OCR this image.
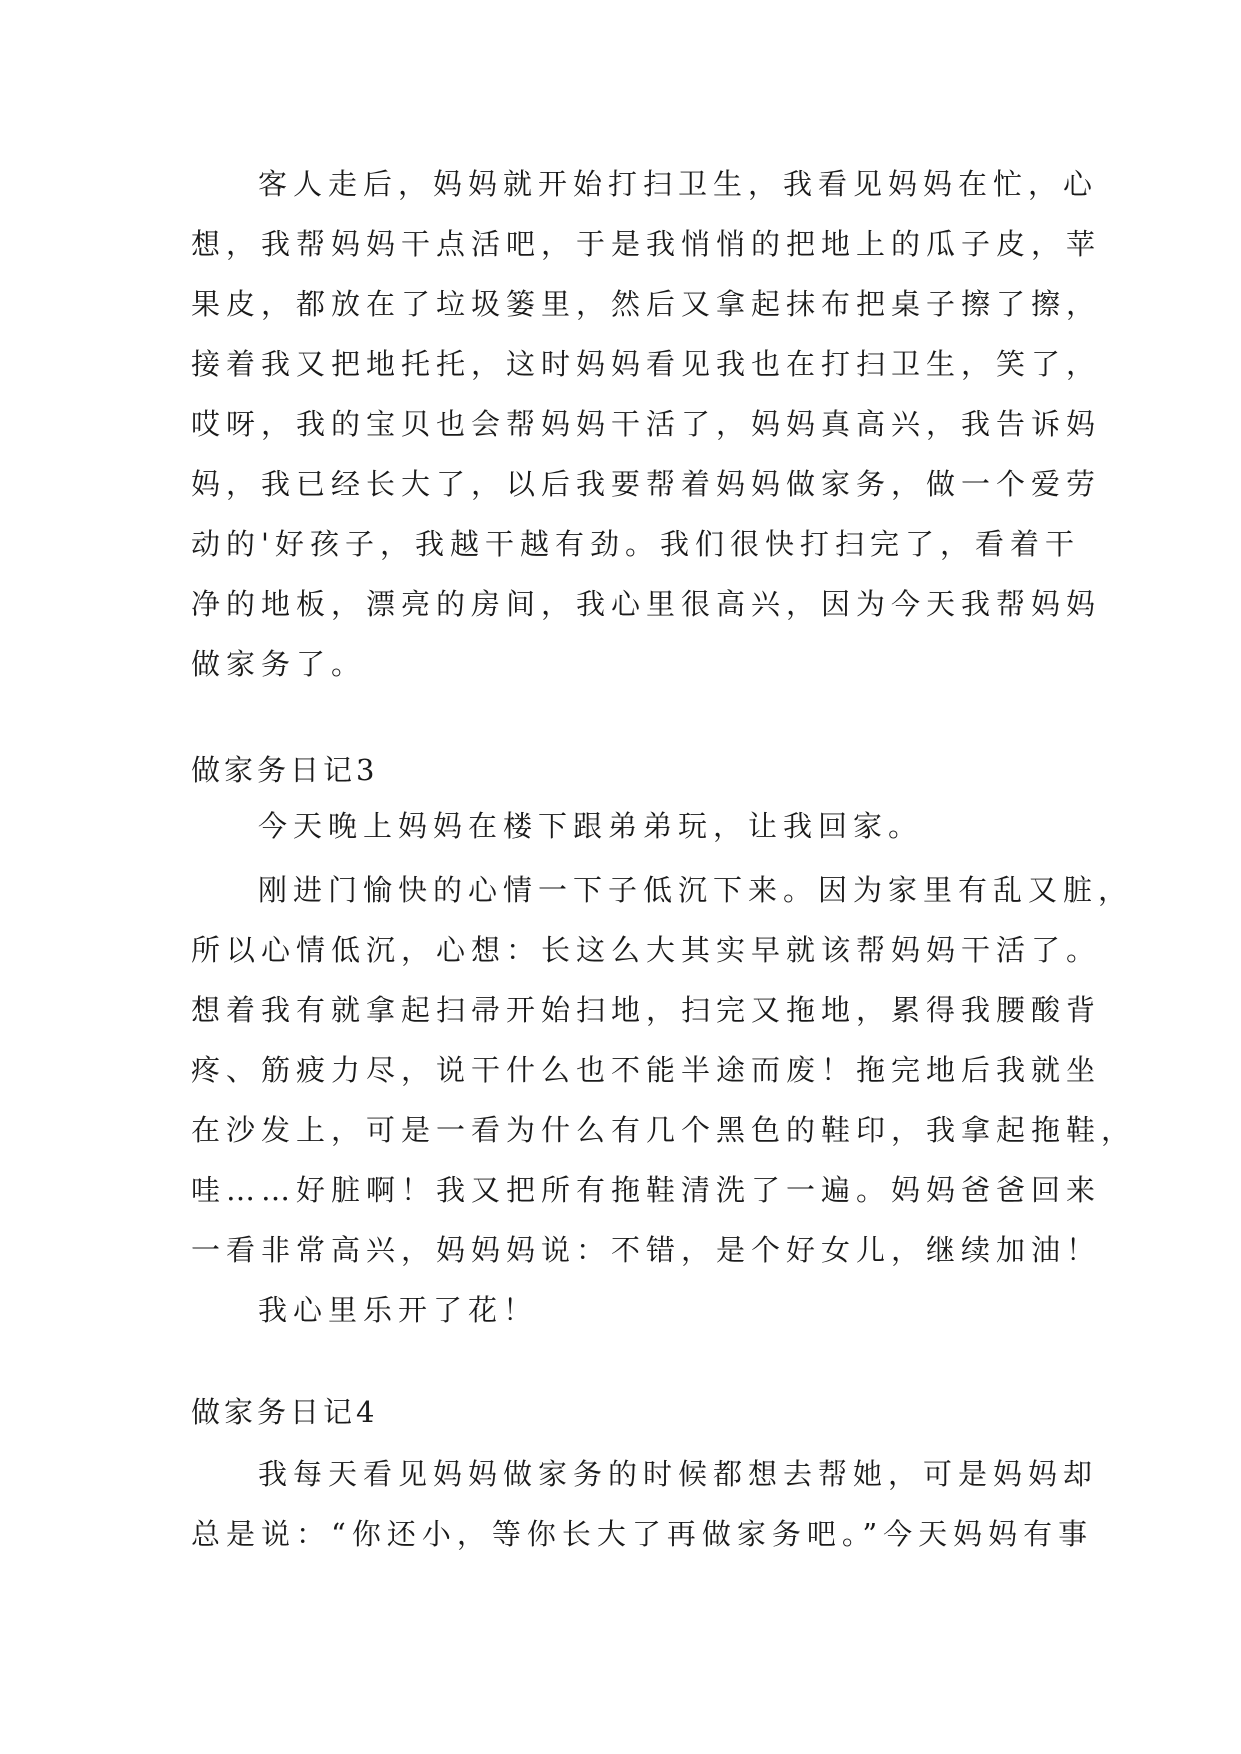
客人走后，妈妈就开始打扫卫生，我看见妈妈在忙，心
想，我帮妈妈干点活吧，于是我悄悄的把地上的瓜子皮，苹
果皮，都放在了垃圾篓里，然后又拿起抹布把桌子擦了擦，
接着我又把地托托，这时妈妈看见我也在打扫卫生，笑了，
哎呀，我的宝贝也会帮妈妈干活了，妈妈真高兴，我告诉妈
妈，我已经长大了，以后我要帮着妈妈做家务，做一个爱劳
动的'好孩子，我越干越有劲。我们很快打扫完了，看着干
净的地板，漂亮的房间，我心里很高兴，因为今天我帮妈妈
做家务了。
做家务日记3
今天晚上妈妈在楼下跟弟弟玩，让我回家。
刚进门愉快的心情一下子低沉下来。因为家里有乱又脏，
所以心情低沉，心想：长这么大其实早就该帮妈妈干活了。
想着我有就拿起扫帚开始扫地，扫完又拖地，累得我腰酸背
疼、筋疲力尽，说干什么也不能半途而废！拖完地后我就坐
在沙发上，可是一看为什么有几个黑色的鞋印，我拿起拖鞋，
哇……好脏啊！我又把所有拖鞋清洗了一遍。妈妈爸爸回来
一看非常高兴，妈妈妈说：不错，是个好女儿，继续加油！
我心里乐开了花！
做家务日记4
我每天看见妈妈做家务的时候都想去帮她，可是妈妈却
总是说：“你还小，等你长大了再做家务吧。”今天妈妈有事
